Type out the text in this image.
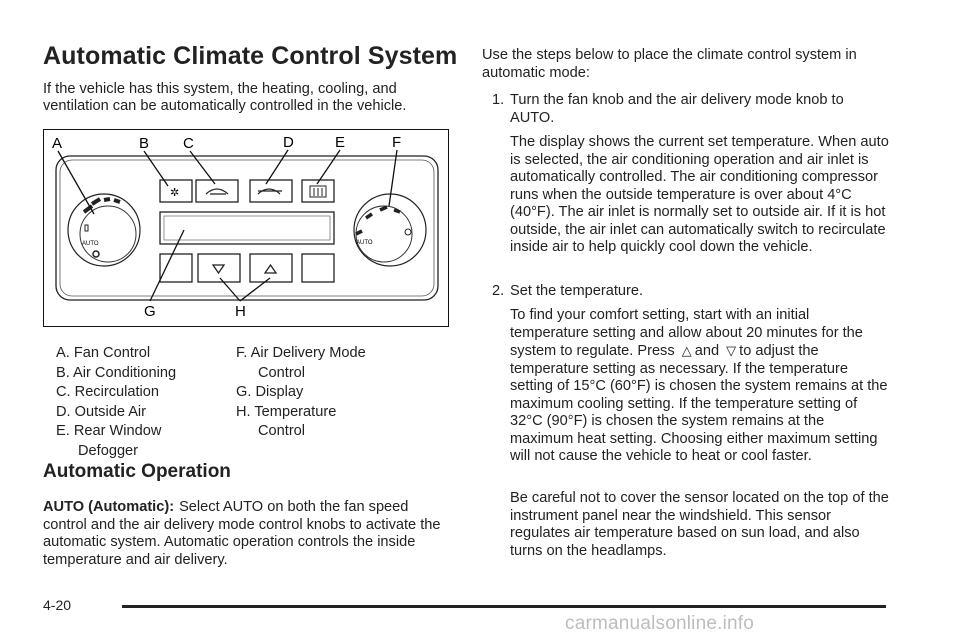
Automatic Climate Control System

If the vehicle has this system, the heating, cooling, and ventilation can be automatically controlled in the vehicle.

A	B C	D	E	F
G	H
AUTO	AUTO
✲
A. Fan Control
B. Air Conditioning
C. Recirculation
D. Outside Air
E. Rear Window
Defogger
F. Air Delivery Mode
Control
G. Display
H. Temperature
Control
Automatic Operation

AUTO (Automatic): Select AUTO on both the fan speed control and the air delivery mode control knobs to activate the automatic system. Automatic operation controls the inside temperature and air delivery.

Use the steps below to place the climate control system in automatic mode:

1. Turn the fan knob and the air delivery mode knob to AUTO.

The display shows the current set temperature. When auto is selected, the air conditioning operation and air inlet is automatically controlled. The air conditioning compressor runs when the outside temperature is over about 4°C (40°F). The air inlet is normally set to outside air. If it is hot outside, the air inlet can automatically switch to recirculate inside air to help quickly cool down the vehicle.

2. Set the temperature.

To find your comfort setting, start with an initial temperature setting and allow about 20 minutes for the system to regulate. Press △ and ▽ to adjust the temperature setting as necessary. If the temperature setting of 15°C (60°F) is chosen the system remains at the maximum cooling setting. If the temperature setting of 32°C (90°F) is chosen the system remains at the maximum heat setting. Choosing either maximum setting will not cause the vehicle to heat or cool faster.

Be careful not to cover the sensor located on the top of the instrument panel near the windshield. This sensor regulates air temperature based on sun load, and also turns on the headlamps.

4-20
carmanualsonline.info
